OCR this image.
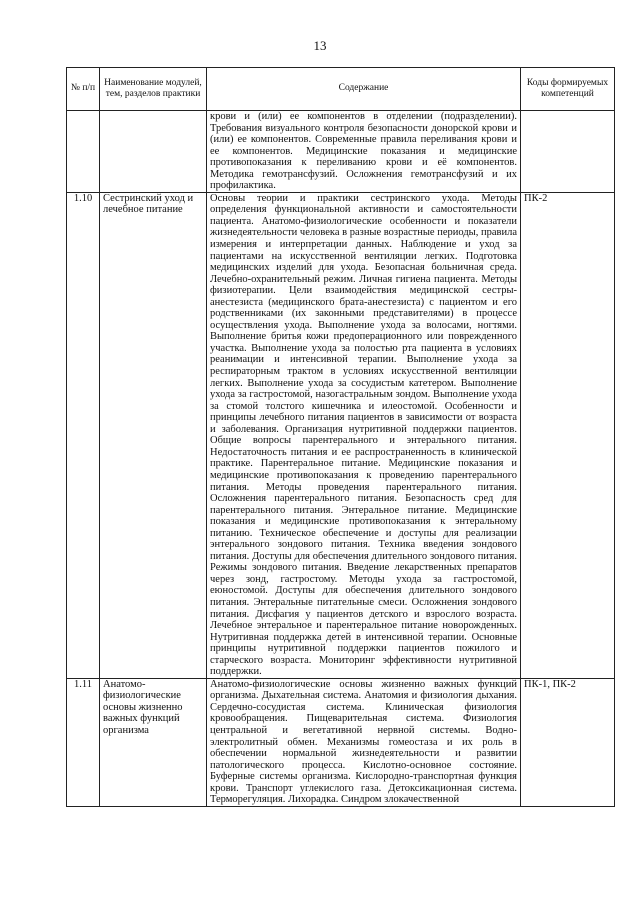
13
№ п/п	Наименование модулей, тем, разделов практики	Содержание	Коды формируемых компетенций
		крови и (или) ее компонентов в отделении (подразделении). Требования визуального контроля безопасности донорской крови и (или) ее компонентов. Современные правила переливания крови и ее компонентов. Медицинские показания и медицинские противопоказания к переливанию крови и её компонентов. Методика гемотрансфузий. Осложнения гемотрансфузий и их профилактика.	
1.10	Сестринский уход и лечебное питание	Основы теории и практики сестринского ухода. Методы определения функциональной активности и самостоятельности пациента. Анатомо-физиологические особенности и показатели жизнедеятельности человека в разные возрастные периоды, правила измерения и интерпретации данных. Наблюдение и уход за пациентами на искусственной вентиляции легких. Подготовка медицинских изделий для ухода. Безопасная больничная среда. Лечебно-охранительный режим. Личная гигиена пациента. Методы физиотерапии. Цели взаимодействия медицинской сестры-анестезиста (медицинского брата-анестезиста) с пациентом и его родственниками (их законными представителями) в процессе осуществления ухода. Выполнение ухода за волосами, ногтями. Выполнение бритья кожи предоперационного или поврежденного участка. Выполнение ухода за полостью рта пациента в условиях реанимации и интенсивной терапии. Выполнение ухода за респираторным трактом в условиях искусственной вентиляции легких. Выполнение ухода за сосудистым катетером. Выполнение ухода за гастростомой, назогастральным зондом. Выполнение ухода за стомой толстого кишечника и илеостомой. Особенности и принципы лечебного питания пациентов в зависимости от возраста и заболевания. Организация нутритивной поддержки пациентов. Общие вопросы парентерального и энтерального питания. Недостаточность питания и ее распространенность в клинической практике. Парентеральное питание. Медицинские показания и медицинские противопоказания к проведению парентерального питания. Методы проведения парентерального питания. Осложнения парентерального питания. Безопасность сред для парентерального питания. Энтеральное питание. Медицинские показания и медицинские противопоказания к энтеральному питанию. Техническое обеспечение и доступы для реализации энтерального зондового питания. Техника введения зондового питания. Доступы для обеспечения длительного зондового питания. Режимы зондового питания. Введение лекарственных препаратов через зонд, гастростому. Методы ухода за гастростомой, еюностомой. Доступы для обеспечения длительного зондового питания. Энтеральные питательные смеси. Осложнения зондового питания. Дисфагия у пациентов детского и взрослого возраста. Лечебное энтеральное и парентеральное питание новорожденных. Нутритивная поддержка детей в интенсивной терапии. Основные принципы нутритивной поддержки пациентов пожилого и старческого возраста. Мониторинг эффективности нутритивной поддержки.	ПК-2
1.11	Анатомо-физиологические основы жизненно важных функций организма	Анатомо-физиологические основы жизненно важных функций организма. Дыхательная система. Анатомия и физиология дыхания. Сердечно-сосудистая система. Клиническая физиология кровообращения. Пищеварительная система. Физиология центральной и вегетативной нервной системы. Водно-электролитный обмен. Механизмы гомеостаза и их роль в обеспечении нормальной жизнедеятельности и развитии патологического процесса. Кислотно-основное состояние. Буферные системы организма. Кислородно-транспортная функция крови. Транспорт углекислого газа. Детоксикационная система. Терморегуляция. Лихорадка. Синдром злокачественной	ПК-1, ПК-2
